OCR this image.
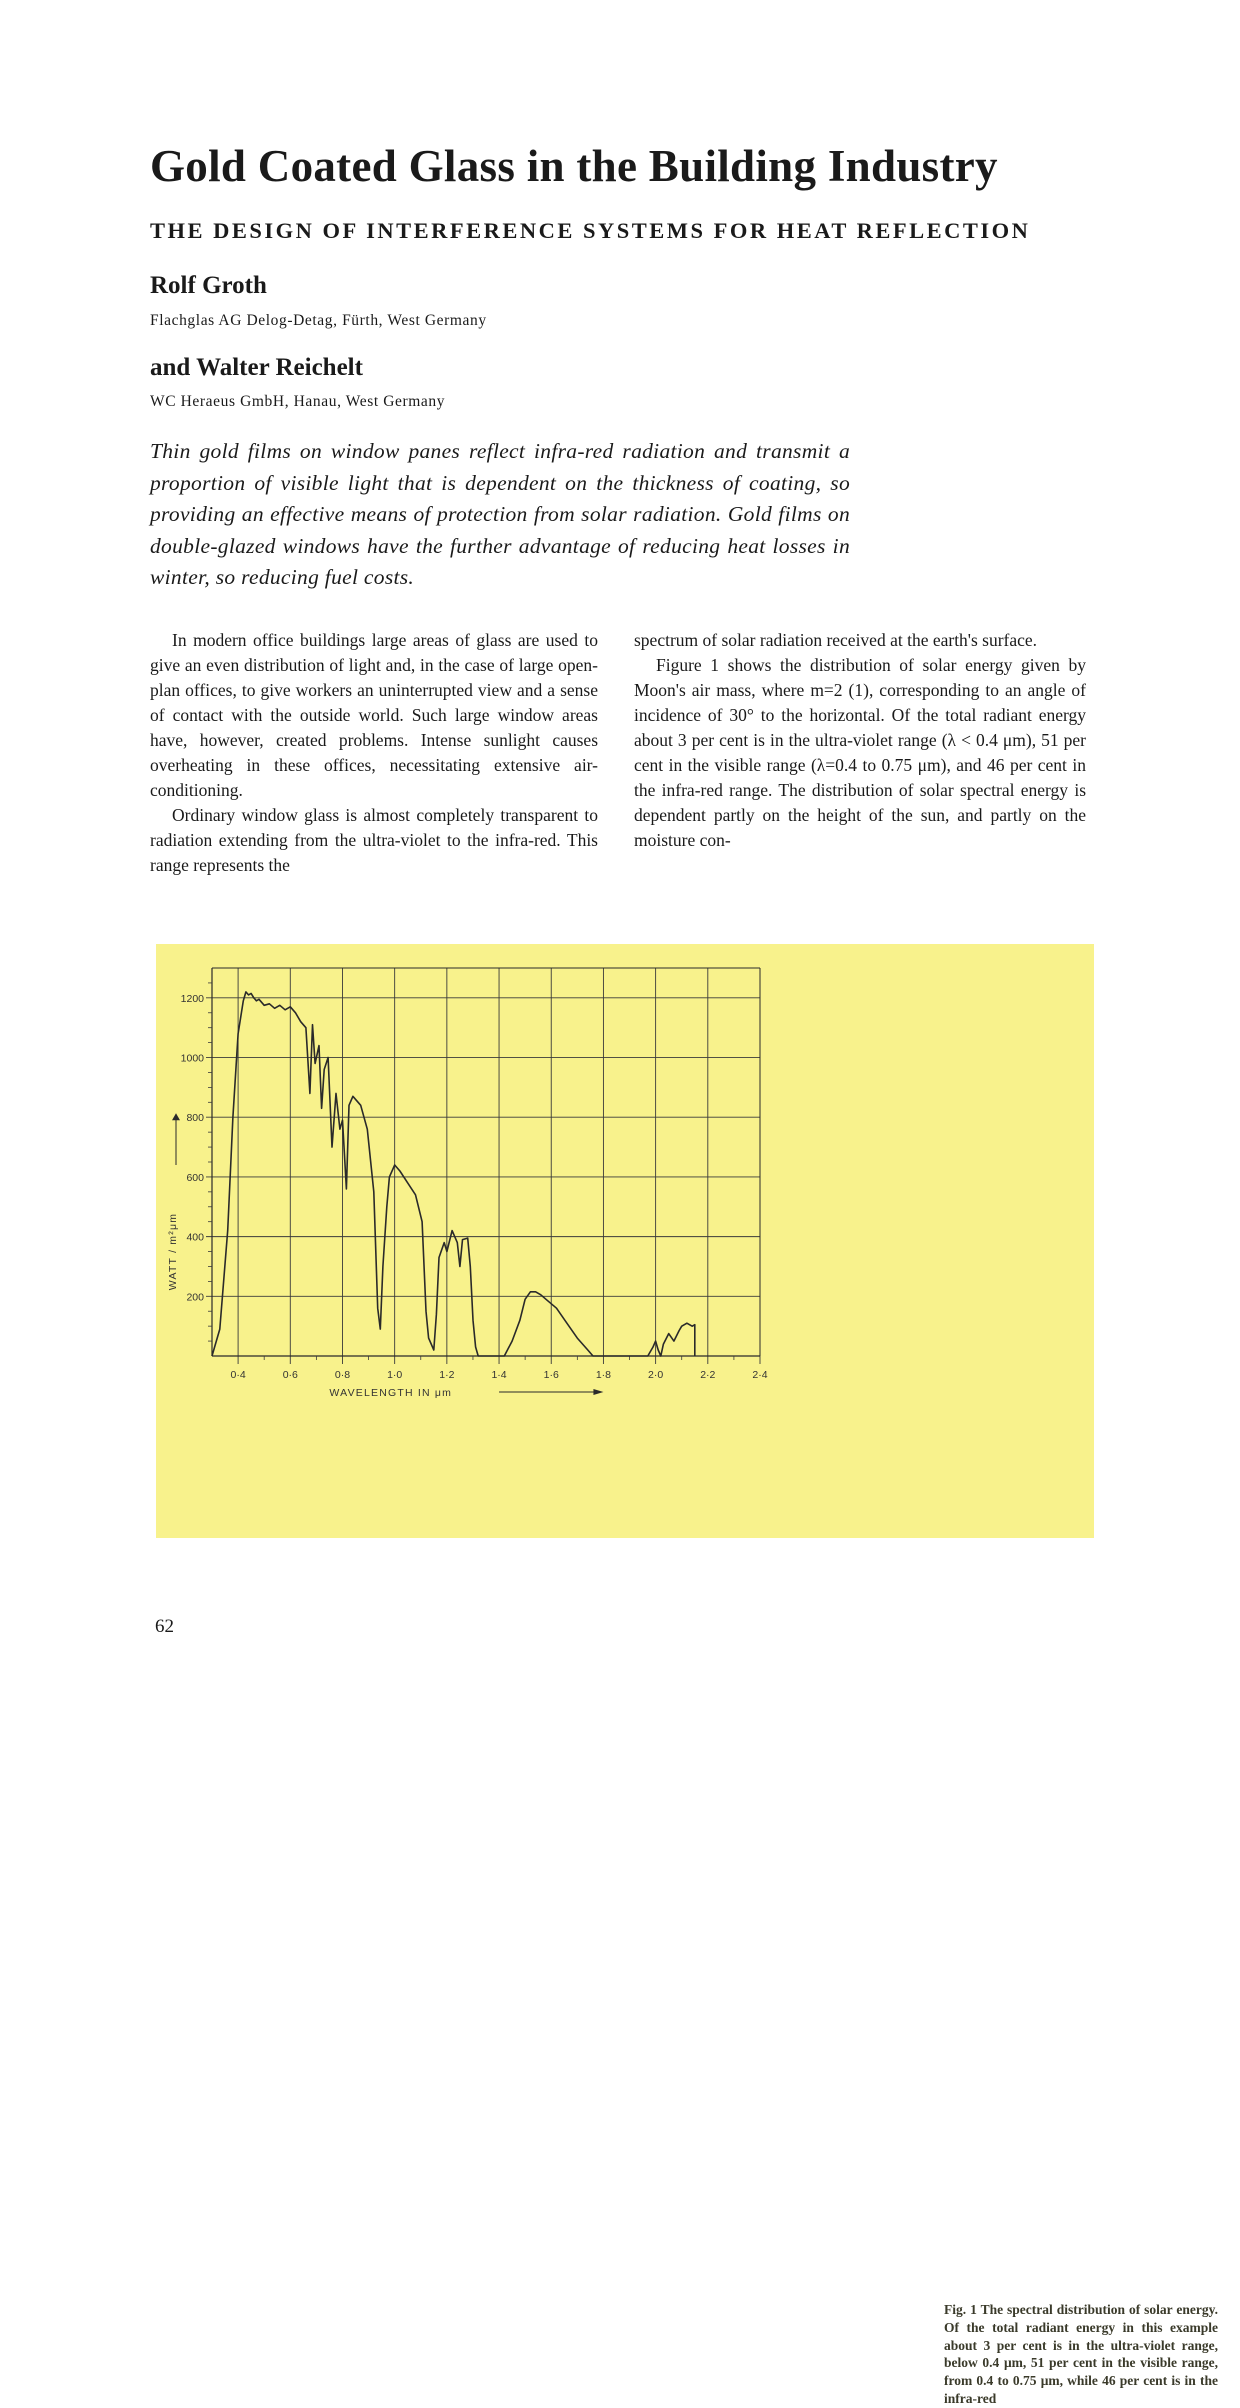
Gold Coated Glass in the Building Industry
THE DESIGN OF INTERFERENCE SYSTEMS FOR HEAT REFLECTION
Rolf Groth
Flachglas AG Delog-Detag, Fürth, West Germany
and Walter Reichelt
WC Heraeus GmbH, Hanau, West Germany
Thin gold films on window panes reflect infra-red radiation and transmit a proportion of visible light that is dependent on the thickness of coating, so providing an effective means of protection from solar radiation. Gold films on double-glazed windows have the further advantage of reducing heat losses in winter, so reducing fuel costs.

In modern office buildings large areas of glass are used to give an even distribution of light and, in the case of large open-plan offices, to give workers an uninterrupted view and a sense of contact with the outside world. Such large window areas have, however, created problems. Intense sunlight causes overheating in these offices, necessitating extensive air-conditioning.

Ordinary window glass is almost completely transparent to radiation extending from the ultra-violet to the infra-red. This range represents the

spectrum of solar radiation received at the earth's surface.

Figure 1 shows the distribution of solar energy given by Moon's air mass, where m=2 (1), corresponding to an angle of incidence of 30° to the horizontal. Of the total radiant energy about 3 per cent is in the ultra-violet range (λ < 0.4 μm), 51 per cent in the visible range (λ=0.4 to 0.75 μm), and 46 per cent in the infra-red range. The distribution of solar spectral energy is dependent partly on the height of the sun, and partly on the moisture con-

200
400
600
800
1000
1200
0·4	0·6	0·8	1·0	1·2	1·4	1·6	1·8	2·0	2·2	2·4
WATT / m²μm
WAVELENGTH IN μm
Fig. 1 The spectral distribution of solar energy. Of the total radiant energy in this example about 3 per cent is in the ultra-violet range, below 0.4 μm, 51 per cent in the visible range, from 0.4 to 0.75 μm, while 46 per cent is in the infra-red
62
